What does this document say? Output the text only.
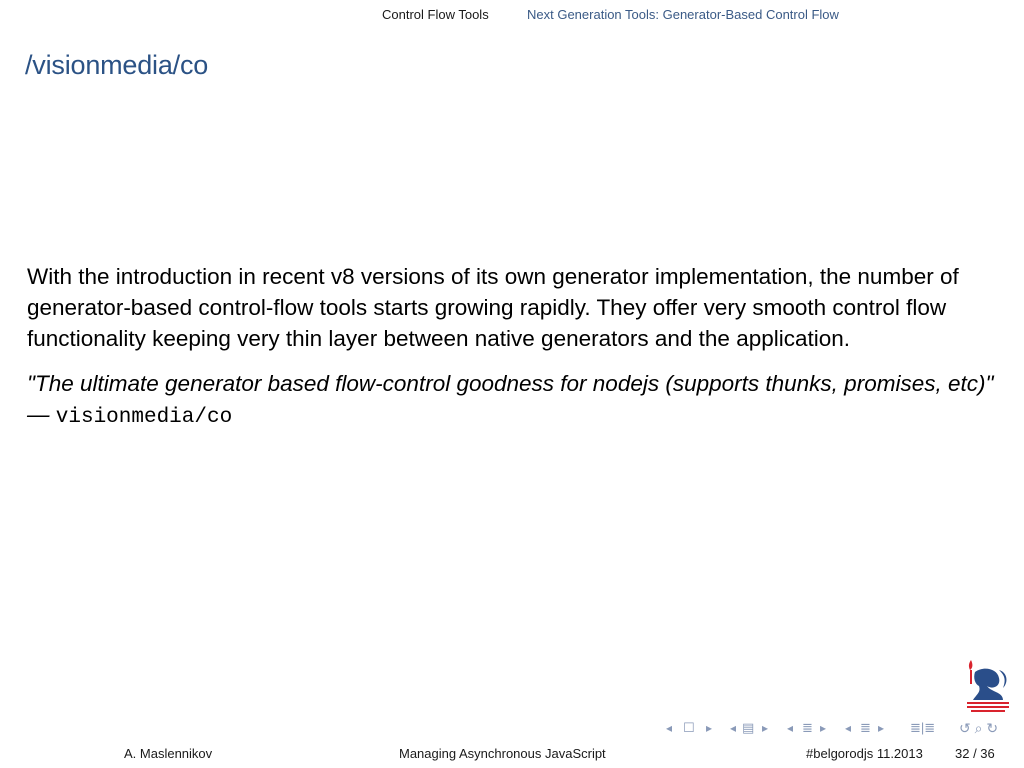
Control Flow Tools	Next Generation Tools: Generator-Based Control Flow
/visionmedia/co

With the introduction in recent v8 versions of its own generator implementation, the number of generator-based control-flow tools starts growing rapidly. They offer very smooth control flow functionality keeping very thin layer between native generators and the application.

"The ultimate generator based flow-control goodness for nodejs (supports thunks, promises, etc)" — visionmedia/co

◂ ☐ ▸ ◂ ▤ ▸ ◂ ≣ ▸ ◂ ≣ ▸ ≣|≣ ↺ ⌕ ↻
A. Maslennikov	Managing Asynchronous JavaScript	#belgorodjs 11.2013 32 / 36
